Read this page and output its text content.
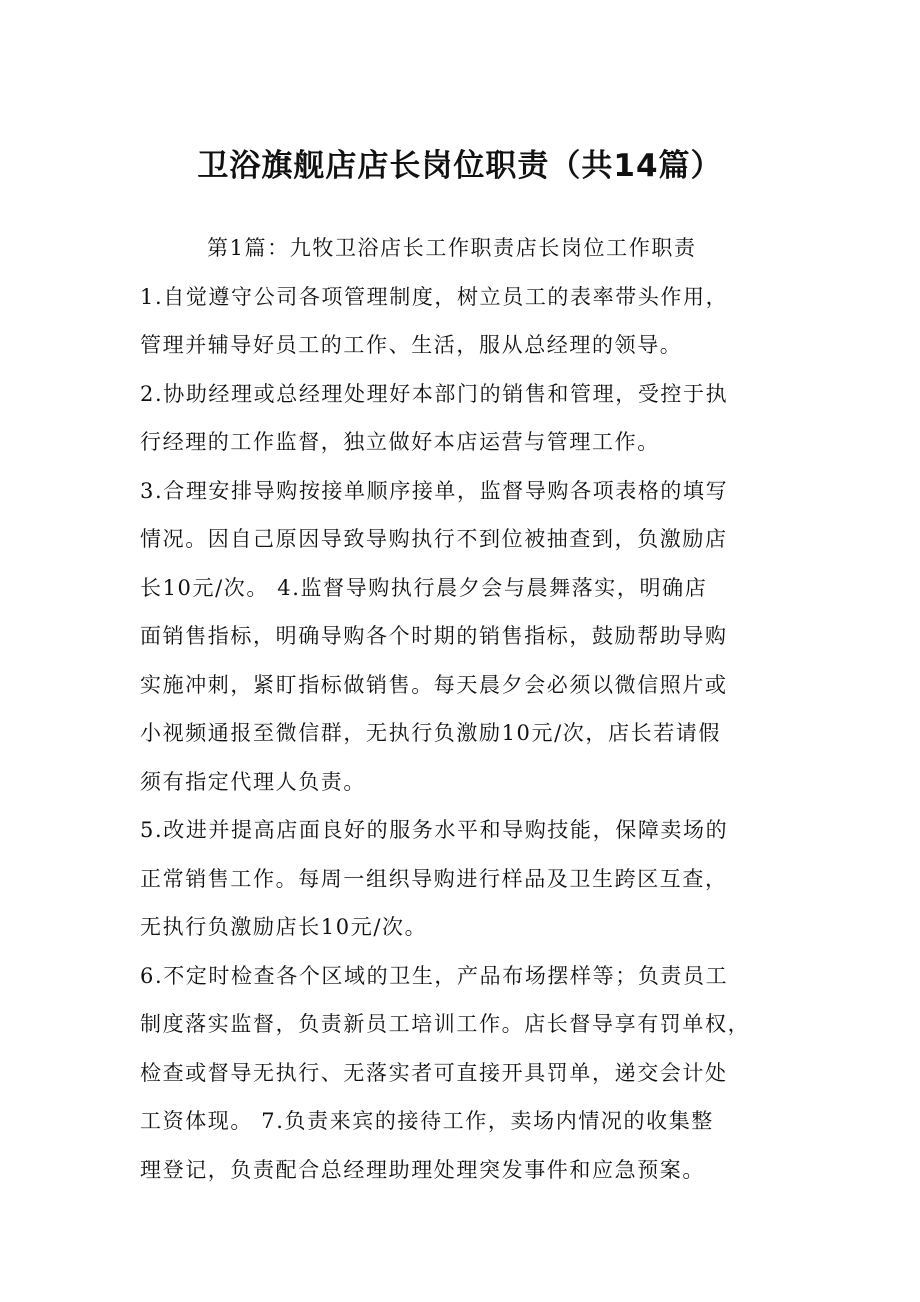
卫浴旗舰店店长岗位职责（共14篇）
第1篇：九牧卫浴店长工作职责店长岗位工作职责
1.自觉遵守公司各项管理制度，树立员工的表率带头作用，
管理并辅导好员工的工作、生活，服从总经理的领导。
2.协助经理或总经理处理好本部门的销售和管理，受控于执
行经理的工作监督，独立做好本店运营与管理工作。
3.合理安排导购按接单顺序接单，监督导购各项表格的填写
情况。因自己原因导致导购执行不到位被抽查到，负激励店
长10元/次。 4.监督导购执行晨夕会与晨舞落实，明确店
面销售指标，明确导购各个时期的销售指标，鼓励帮助导购
实施冲刺，紧盯指标做销售。每天晨夕会必须以微信照片或
小视频通报至微信群，无执行负激励10元/次，店长若请假
须有指定代理人负责。
5.改进并提高店面良好的服务水平和导购技能，保障卖场的
正常销售工作。每周一组织导购进行样品及卫生跨区互查，
无执行负激励店长10元/次。
6.不定时检查各个区域的卫生，产品布场摆样等；负责员工
制度落实监督，负责新员工培训工作。店长督导享有罚单权，
检查或督导无执行、无落实者可直接开具罚单，递交会计处
工资体现。 7.负责来宾的接待工作，卖场内情况的收集整
理登记，负责配合总经理助理处理突发事件和应急预案。
